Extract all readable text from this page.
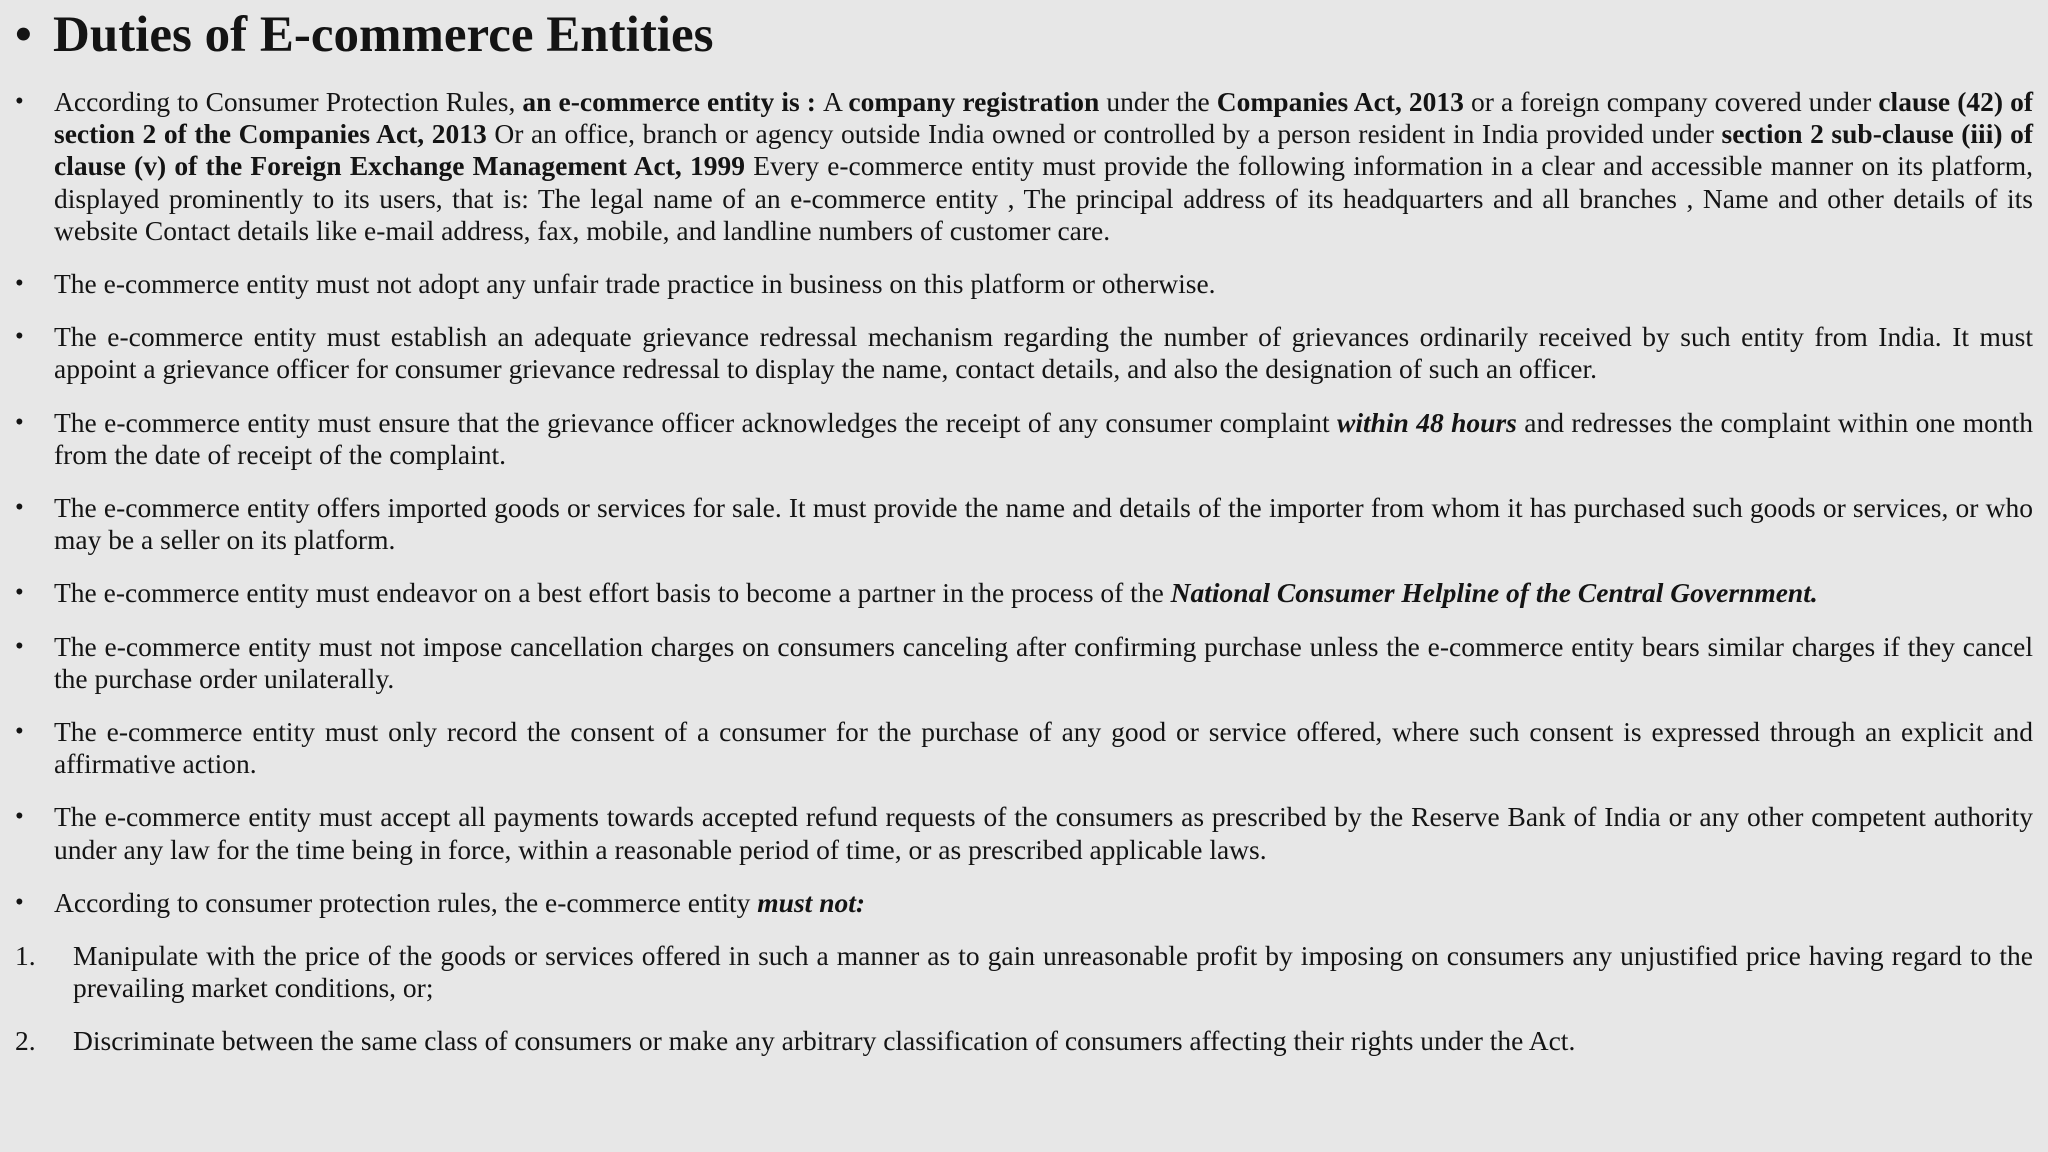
• Duties of E-commerce Entities
•	According to Consumer Protection Rules, an e-commerce entity is : A company registration under the Companies Act, 2013 or a foreign company covered under clause (42) of section 2 of the Companies Act, 2013 Or an office, branch or agency outside India owned or controlled by a person resident in India provided under section 2 sub-clause (iii) of clause (v) of the Foreign Exchange Management Act, 1999 Every e-commerce entity must provide the following information in a clear and accessible manner on its platform, displayed prominently to its users, that is: The legal name of an e-commerce entity , The principal address of its headquarters and all branches , Name and other details of its website Contact details like e-mail address, fax, mobile, and landline numbers of customer care.
•	The e-commerce entity must not adopt any unfair trade practice in business on this platform or otherwise.
•	The e-commerce entity must establish an adequate grievance redressal mechanism regarding the number of grievances ordinarily received by such entity from India. It must appoint a grievance officer for consumer grievance redressal to display the name, contact details, and also the designation of such an officer.
•	The e-commerce entity must ensure that the grievance officer acknowledges the receipt of any consumer complaint within 48 hours and redresses the complaint within one month from the date of receipt of the complaint.
•	The e-commerce entity offers imported goods or services for sale. It must provide the name and details of the importer from whom it has purchased such goods or services, or who may be a seller on its platform.
•	The e-commerce entity must endeavor on a best effort basis to become a partner in the process of the National Consumer Helpline of the Central Government.
•	The e-commerce entity must not impose cancellation charges on consumers canceling after confirming purchase unless the e-commerce entity bears similar charges if they cancel the purchase order unilaterally.
•	The e-commerce entity must only record the consent of a consumer for the purchase of any good or service offered, where such consent is expressed through an explicit and affirmative action.
•	The e-commerce entity must accept all payments towards accepted refund requests of the consumers as prescribed by the Reserve Bank of India or any other competent authority under any law for the time being in force, within a reasonable period of time, or as prescribed applicable laws.
•	According to consumer protection rules, the e-commerce entity must not:
1.	Manipulate with the price of the goods or services offered in such a manner as to gain unreasonable profit by imposing on consumers any unjustified price having regard to the prevailing market conditions, or;
2.	Discriminate between the same class of consumers or make any arbitrary classification of consumers affecting their rights under the Act.
